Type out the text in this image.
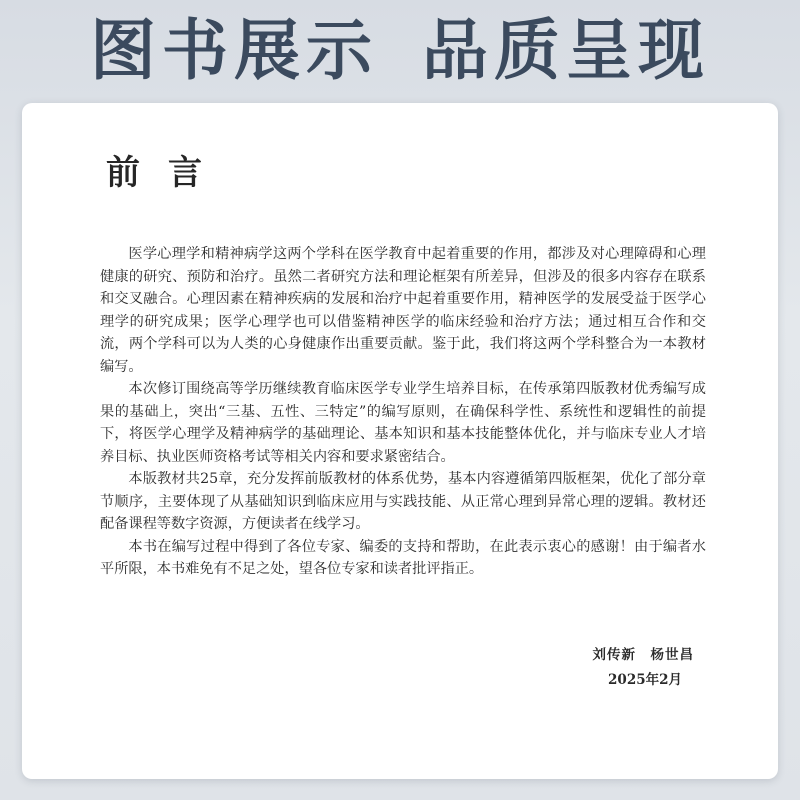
图书展示 品质呈现
前言

医学心理学和精神病学这两个学科在医学教育中起着重要的作用，都涉及对心理障碍和心理健康的研究、预防和治疗。虽然二者研究方法和理论框架有所差异，但涉及的很多内容存在联系和交叉融合。心理因素在精神疾病的发展和治疗中起着重要作用，精神医学的发展受益于医学心理学的研究成果；医学心理学也可以借鉴精神医学的临床经验和治疗方法；通过相互合作和交流，两个学科可以为人类的心身健康作出重要贡献。鉴于此，我们将这两个学科整合为一本教材编写。

本次修订围绕高等学历继续教育临床医学专业学生培养目标，在传承第四版教材优秀编写成果的基础上，突出“三基、五性、三特定”的编写原则，在确保科学性、系统性和逻辑性的前提下，将医学心理学及精神病学的基础理论、基本知识和基本技能整体优化，并与临床专业人才培养目标、执业医师资格考试等相关内容和要求紧密结合。

本版教材共25章，充分发挥前版教材的体系优势，基本内容遵循第四版框架，优化了部分章节顺序，主要体现了从基础知识到临床应用与实践技能、从正常心理到异常心理的逻辑。教材还配备课程等数字资源，方便读者在线学习。

本书在编写过程中得到了各位专家、编委的支持和帮助，在此表示衷心的感谢！由于编者水平所限，本书难免有不足之处，望各位专家和读者批评指正。

刘传新　杨世昌
2025年2月
